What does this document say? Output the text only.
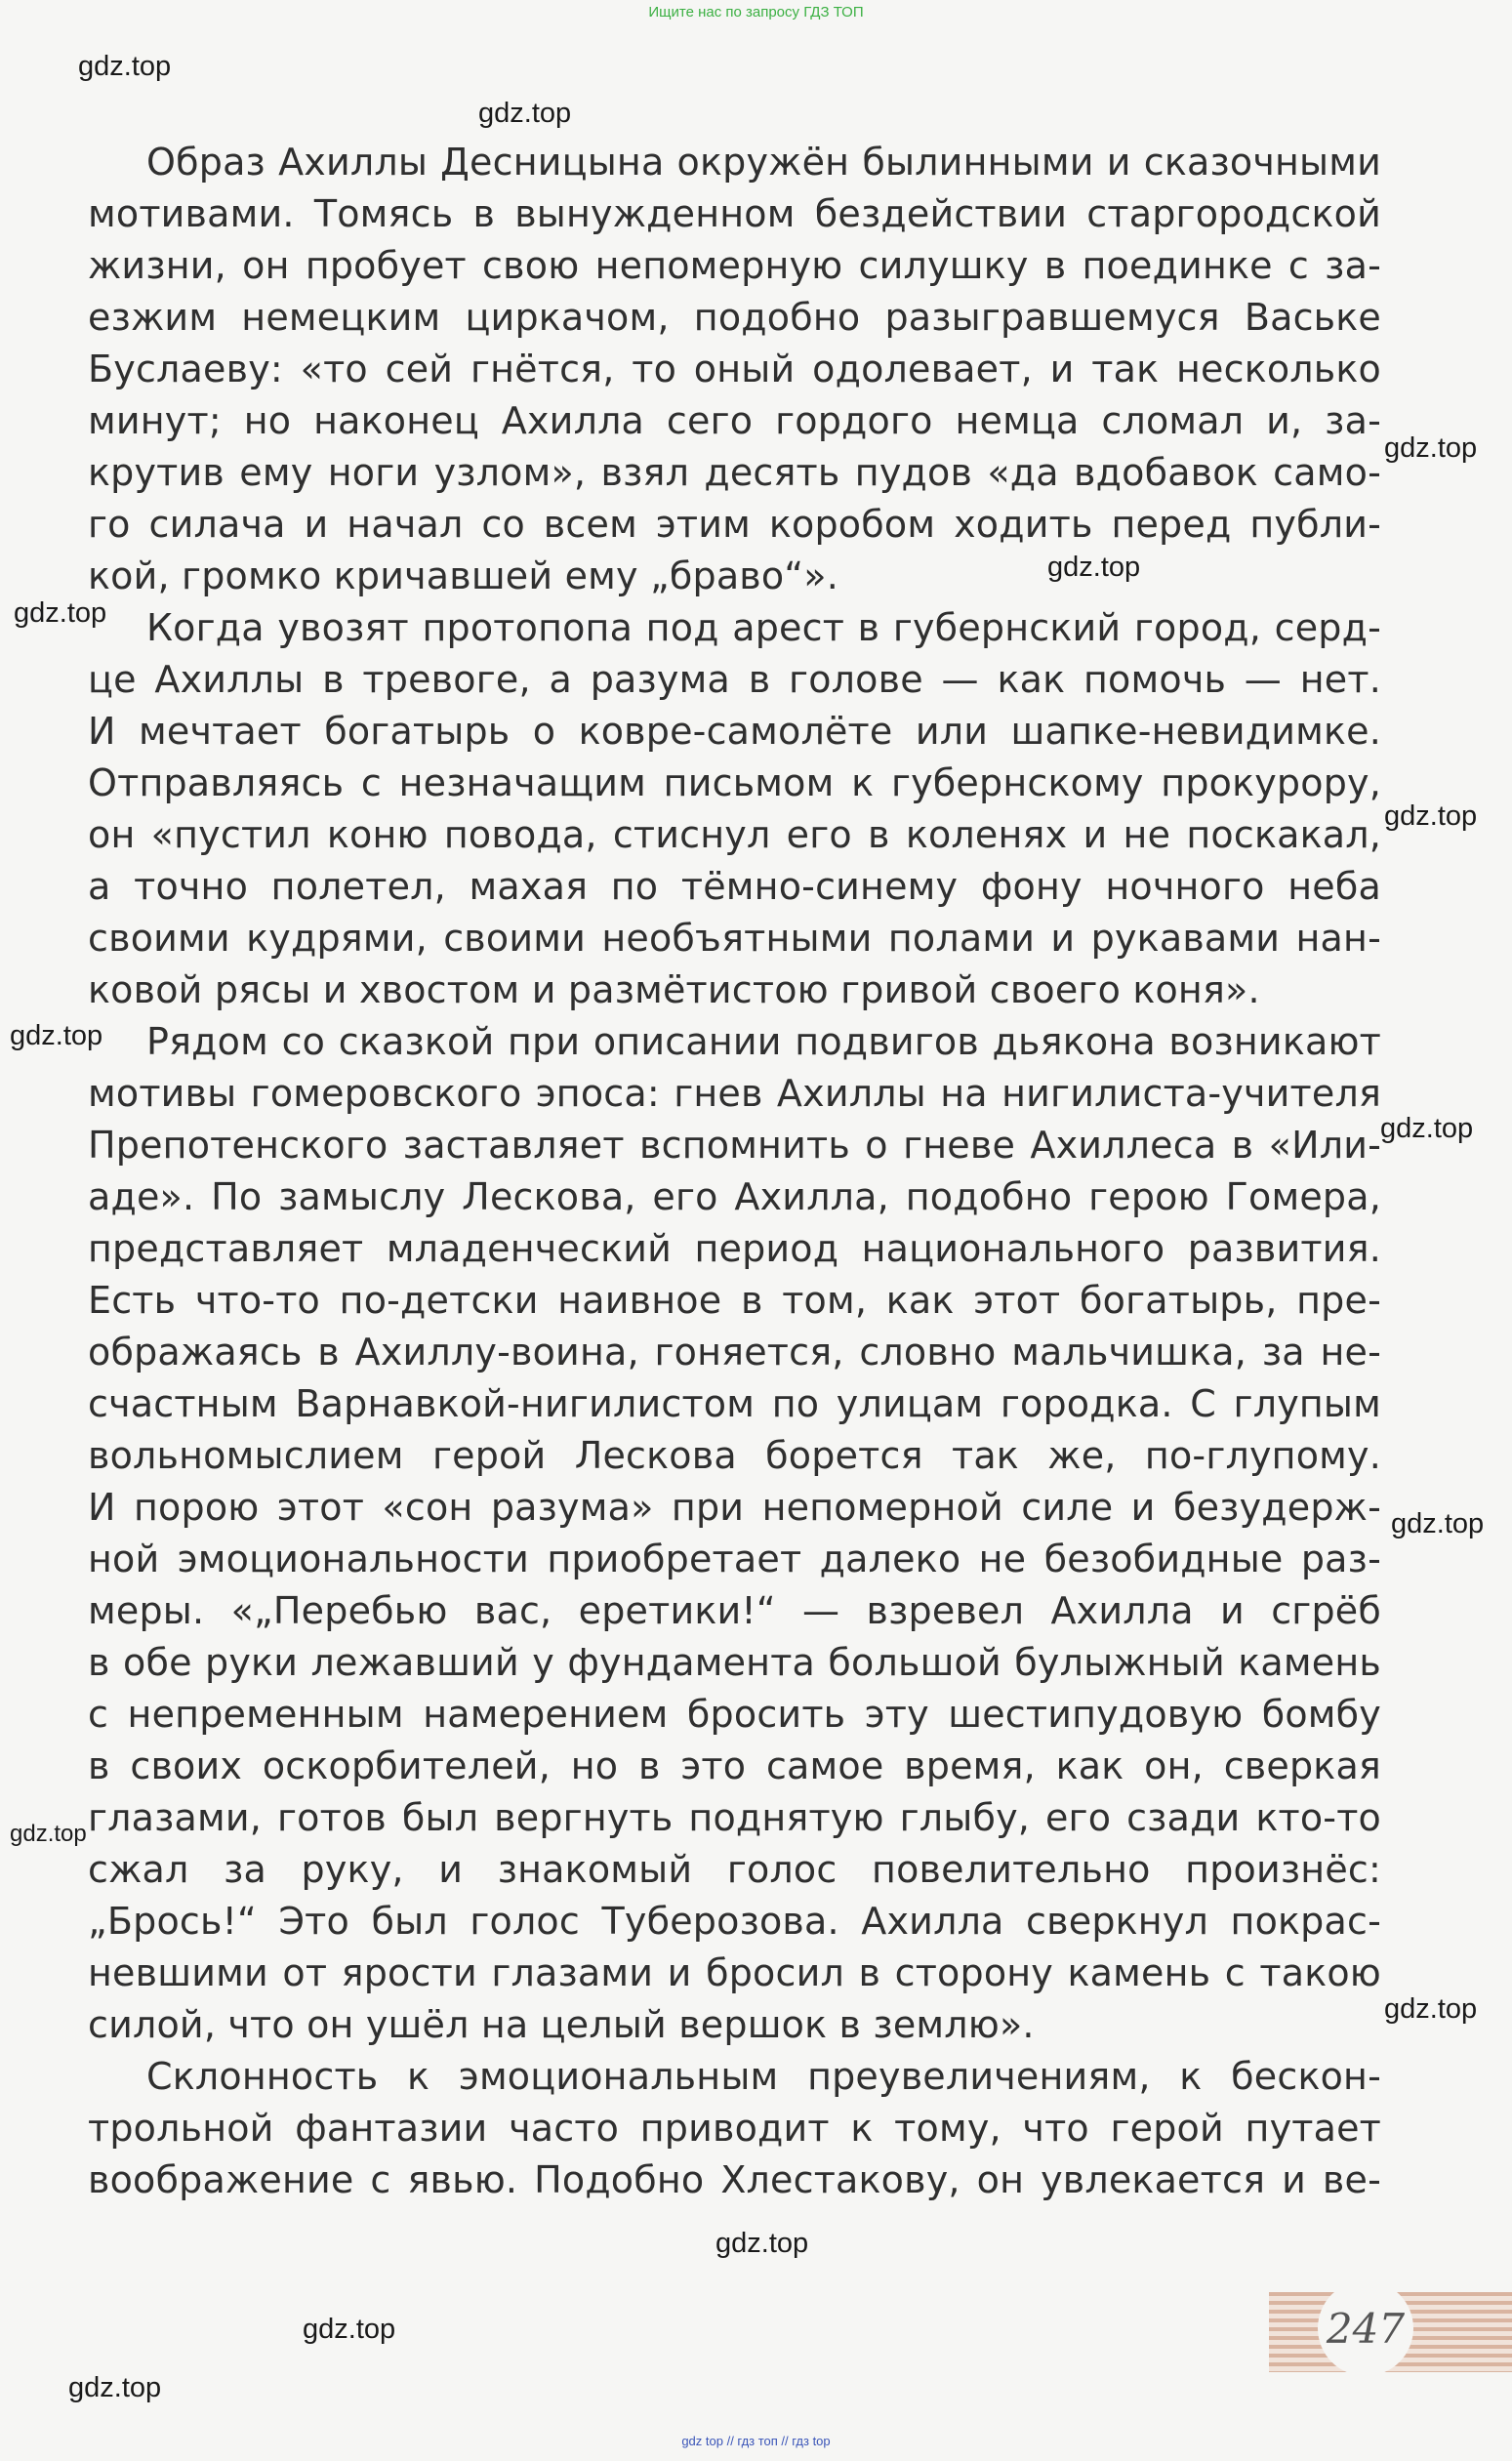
Ищите нас по запросу ГДЗ ТОП
gdz.top
gdz.top
gdz.top
gdz.top
gdz.top
gdz.top
gdz.top
gdz.top
gdz.top
gdz.top
gdz.top
gdz.top
gdz.top
gdz.top
Образ Ахиллы Десницына окружён былинными и сказочными
мотивами. Томясь в вынужденном бездействии старгородской
жизни, он пробует свою непомерную силушку в поединке с за-
езжим немецким циркачом, подобно разыгравшемуся Ваське
Буслаеву: «то сей гнётся, то оный одолевает, и так несколько
минут; но наконец Ахилла сего гордого немца сломал и, за-
крутив ему ноги узлом», взял десять пудов «да вдобавок само-
го силача и начал со всем этим коробом ходить перед публи-
кой, громко кричавшей ему „браво“».
Когда увозят протопопа под арест в губернский город, серд-
це Ахиллы в тревоге, а разума в голове — как помочь — нет.
И мечтает богатырь о ковре-самолёте или шапке-невидимке.
Отправляясь с незначащим письмом к губернскому прокурору,
он «пустил коню повода, стиснул его в коленях и не поскакал,
а точно полетел, махая по тёмно-синему фону ночного неба
своими кудрями, своими необъятными полами и рукавами нан-
ковой рясы и хвостом и размётистою гривой своего коня».
Рядом со сказкой при описании подвигов дьякона возникают
мотивы гомеровского эпоса: гнев Ахиллы на нигилиста-учителя
Препотенского заставляет вспомнить о гневе Ахиллеса в «Или-
аде». По замыслу Лескова, его Ахилла, подобно герою Гомера,
представляет младенческий период национального развития.
Есть что-то по-детски наивное в том, как этот богатырь, пре-
ображаясь в Ахиллу-воина, гоняется, словно мальчишка, за не-
счастным Варнавкой-нигилистом по улицам городка. С глупым
вольномыслием герой Лескова борется так же, по-глупому.
И порою этот «сон разума» при непомерной силе и безудерж-
ной эмоциональности приобретает далеко не безобидные раз-
меры. «„Перебью вас, еретики!“ — взревел Ахилла и сгрёб
в обе руки лежавший у фундамента большой булыжный камень
с непременным намерением бросить эту шестипудовую бомбу
в своих оскорбителей, но в это самое время, как он, сверкая
глазами, готов был вергнуть поднятую глыбу, его сзади кто-то
сжал за руку, и знакомый голос повелительно произнёс:
„Брось!“ Это был голос Туберозова. Ахилла сверкнул покрас-
невшими от ярости глазами и бросил в сторону камень с такою
силой, что он ушёл на целый вершок в землю».
Склонность к эмоциональным преувеличениям, к бескон-
трольной фантазии часто приводит к тому, что герой путает
воображение с явью. Подобно Хлестакову, он увлекается и ве-
247
gdz top // гдз топ // гдз top
